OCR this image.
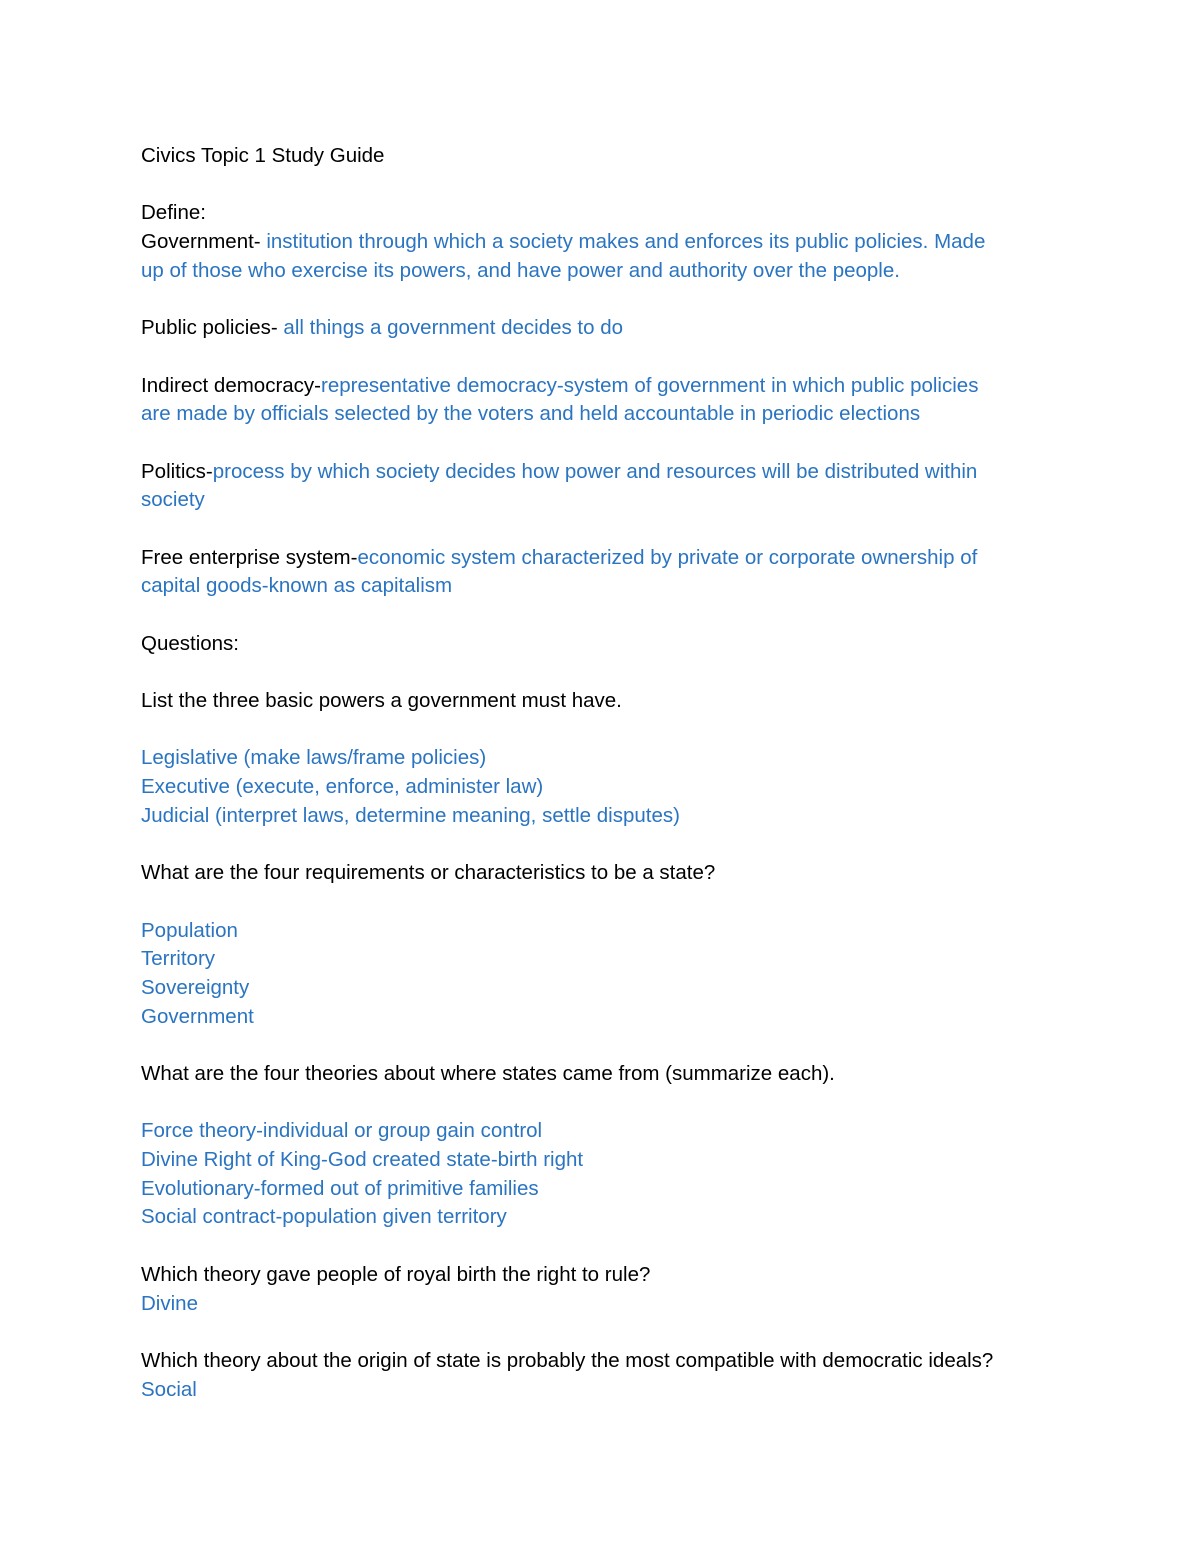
Civics Topic 1 Study Guide
Define:
Government- institution through which a society makes and enforces its public policies. Made
up of those who exercise its powers, and have power and authority over the people.
Public policies- all things a government decides to do
Indirect democracy-representative democracy-system of government in which public policies
are made by officials selected by the voters and held accountable in periodic elections
Politics-process by which society decides how power and resources will be distributed within
society
Free enterprise system-economic system characterized by private or corporate ownership of
capital goods-known as capitalism
Questions:
List the three basic powers a government must have.
Legislative (make laws/frame policies)
Executive (execute, enforce, administer law)
Judicial (interpret laws, determine meaning, settle disputes)
What are the four requirements or characteristics to be a state?
Population
Territory
Sovereignty
Government
What are the four theories about where states came from (summarize each).
Force theory-individual or group gain control
Divine Right of King-God created state-birth right
Evolutionary-formed out of primitive families
Social contract-population given territory
Which theory gave people of royal birth the right to rule?
Divine
Which theory about the origin of state is probably the most compatible with democratic ideals?
Social
